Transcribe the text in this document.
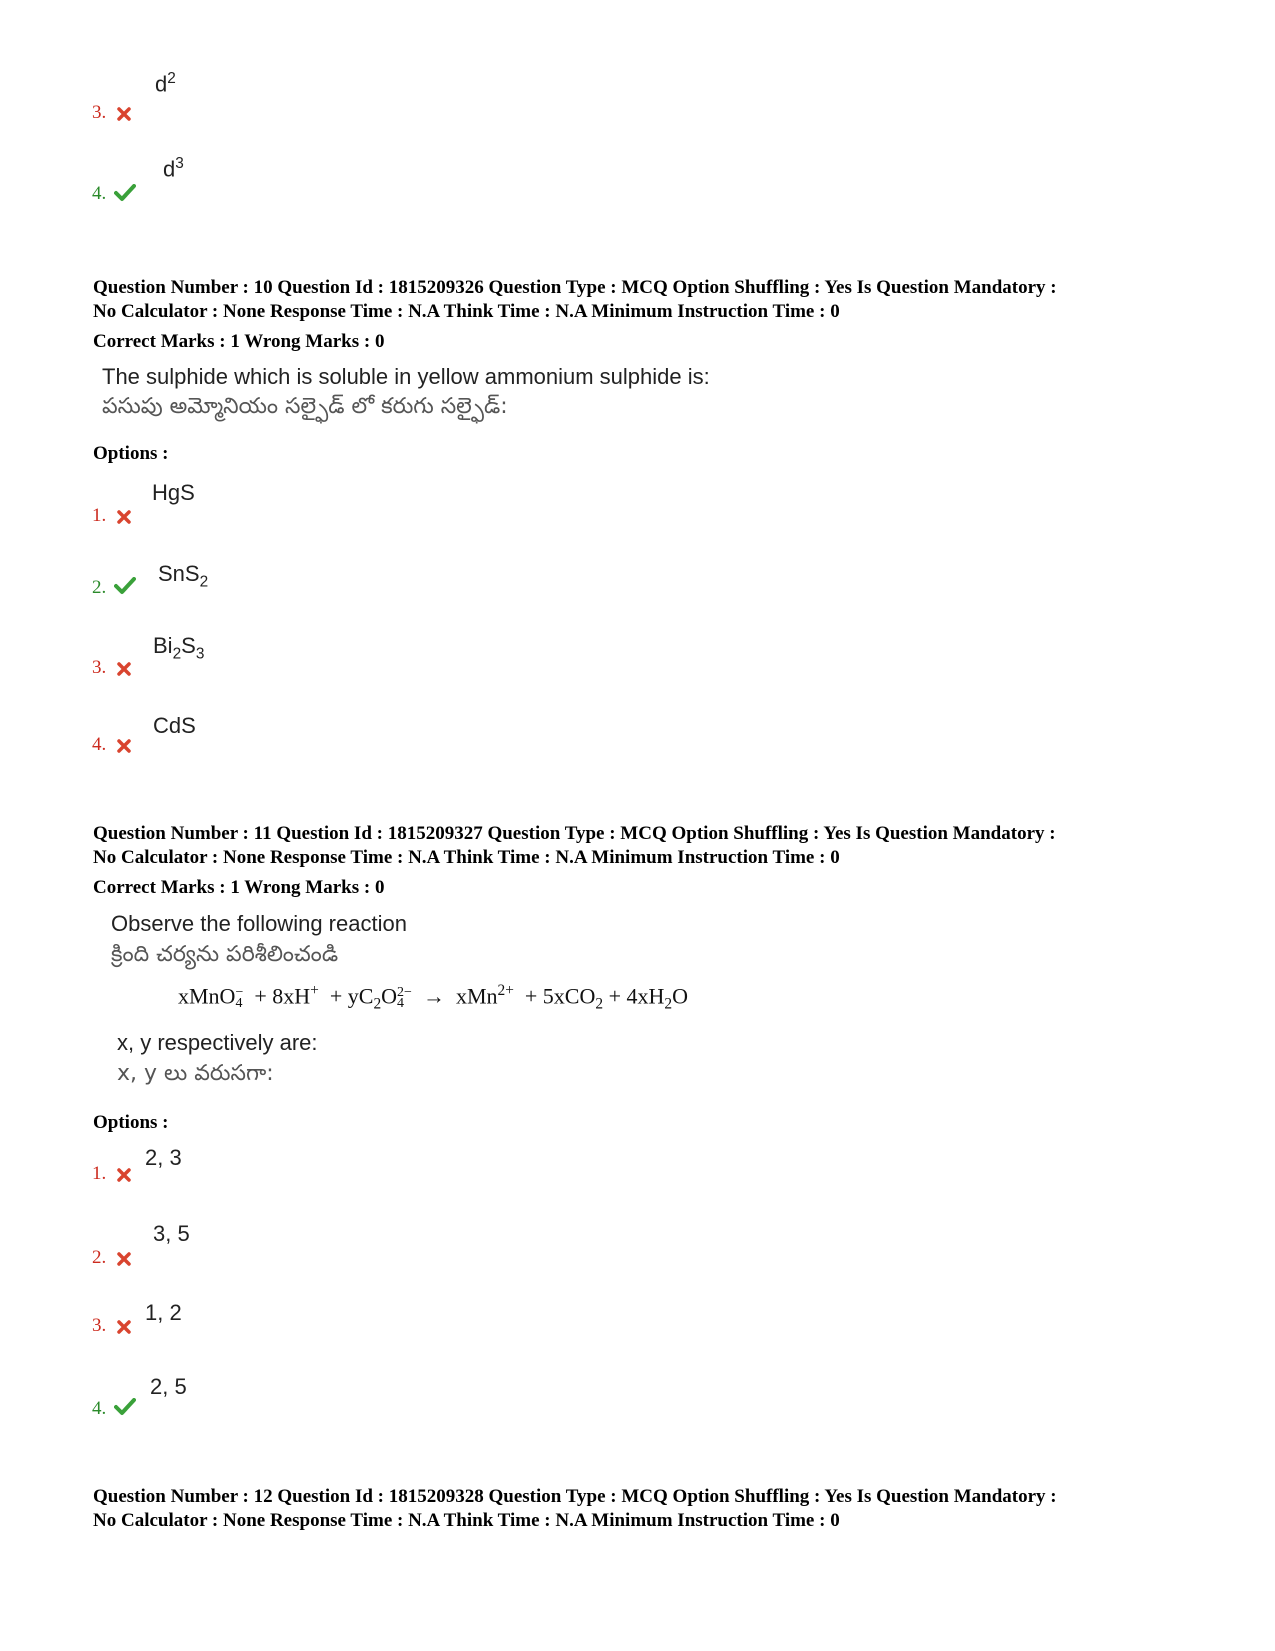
$d^2$
3.
$d^3$
4.
Question Number : 10 Question Id : 1815209326 Question Type : MCQ Option Shuffling : Yes Is Question Mandatory :
No Calculator : None Response Time : N.A Think Time : N.A Minimum Instruction Time : 0
Correct Marks : 1 Wrong Marks : 0
The sulphide which is soluble in yellow ammonium sulphide is:
పసుపు అమ్మోనియం సల్ఫైడ్ లో కరుగు సల్ఫైడ్:
Options :
HgS
1.
SnS$_2$
2.
$Bi_2S_3$
3.
CdS
4.
Question Number : 11 Question Id : 1815209327 Question Type : MCQ Option Shuffling : Yes Is Question Mandatory :
No Calculator : None Response Time : N.A Think Time : N.A Minimum Instruction Time : 0
Correct Marks : 1 Wrong Marks : 0
Observe the following reaction
క్రింది చర్యను పరిశీలించండి
xMnO −
$4 + 8xH^+ + yC_2O$ 2−
$4 \to xMn^{2+} + 5xCO_2 + 4xH_2O$
x, y respectively are:
x, y లు వరుసగా:
Options :
2, 3
1.
3, 5
2.
1, 2
3.
2, 5
4.
Question Number : 12 Question Id : 1815209328 Question Type : MCQ Option Shuffling : Yes Is Question Mandatory :
No Calculator : None Response Time : N.A Think Time : N.A Minimum Instruction Time : 0
